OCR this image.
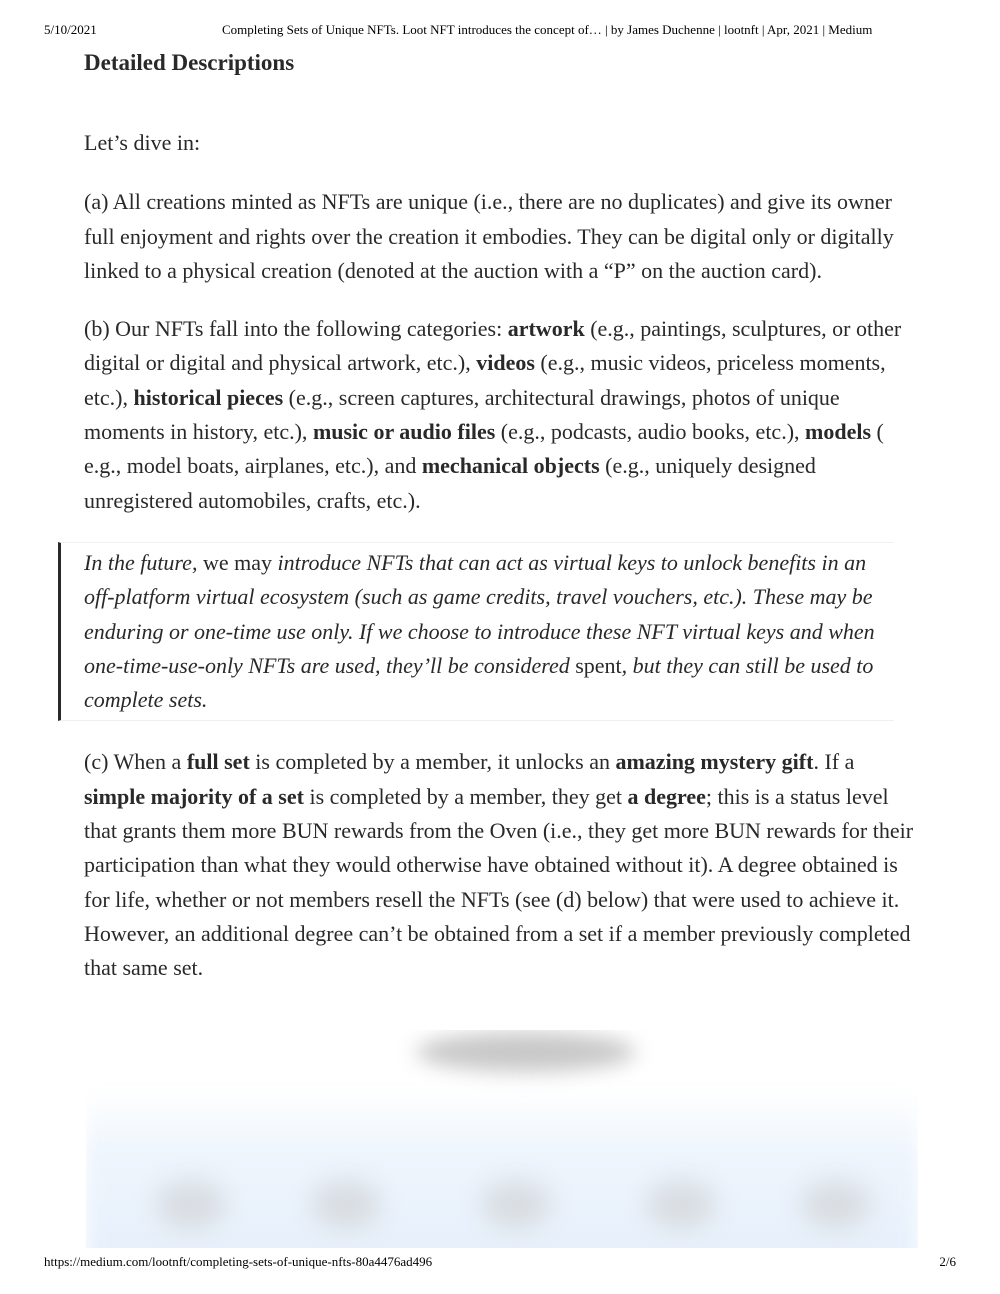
5/10/2021	Completing Sets of Unique NFTs. Loot NFT introduces the concept of… | by James Duchenne | lootnft | Apr, 2021 | Medium
Detailed Descriptions

Let’s dive in:

(a) All creations minted as NFTs are unique (i.e., there are no duplicates) and give its owner full enjoyment and rights over the creation it embodies. They can be digital only or digitally linked to a physical creation (denoted at the auction with a “P” on the auction card).

(b) Our NFTs fall into the following categories: artwork (e.g., paintings, sculptures, or other digital or digital and physical artwork, etc.), videos (e.g., music videos, priceless moments, etc.), historical pieces (e.g., screen captures, architectural drawings, photos of unique moments in history, etc.), music or audio files (e.g., podcasts, audio books, etc.), models ( e.g., model boats, airplanes, etc.), and mechanical objects (e.g., uniquely designed unregistered automobiles, crafts, etc.).

In the future, we may introduce NFTs that can act as virtual keys to unlock benefits in an off-platform virtual ecosystem (such as game credits, travel vouchers, etc.). These may be enduring or one-time use only. If we choose to introduce these NFT virtual keys and when one-time-use-only NFTs are used, they’ll be considered spent, but they can still be used to complete sets.

(c) When a full set is completed by a member, it unlocks an amazing mystery gift. If a simple majority of a set is completed by a member, they get a degree; this is a status level that grants them more BUN rewards from the Oven (i.e., they get more BUN rewards for their participation than what they would otherwise have obtained without it). A degree obtained is for life, whether or not members resell the NFTs (see (d) below) that were used to achieve it. However, an additional degree can’t be obtained from a set if a member previously completed that same set.

https://medium.com/lootnft/completing-sets-of-unique-nfts-80a4476ad496	2/6
